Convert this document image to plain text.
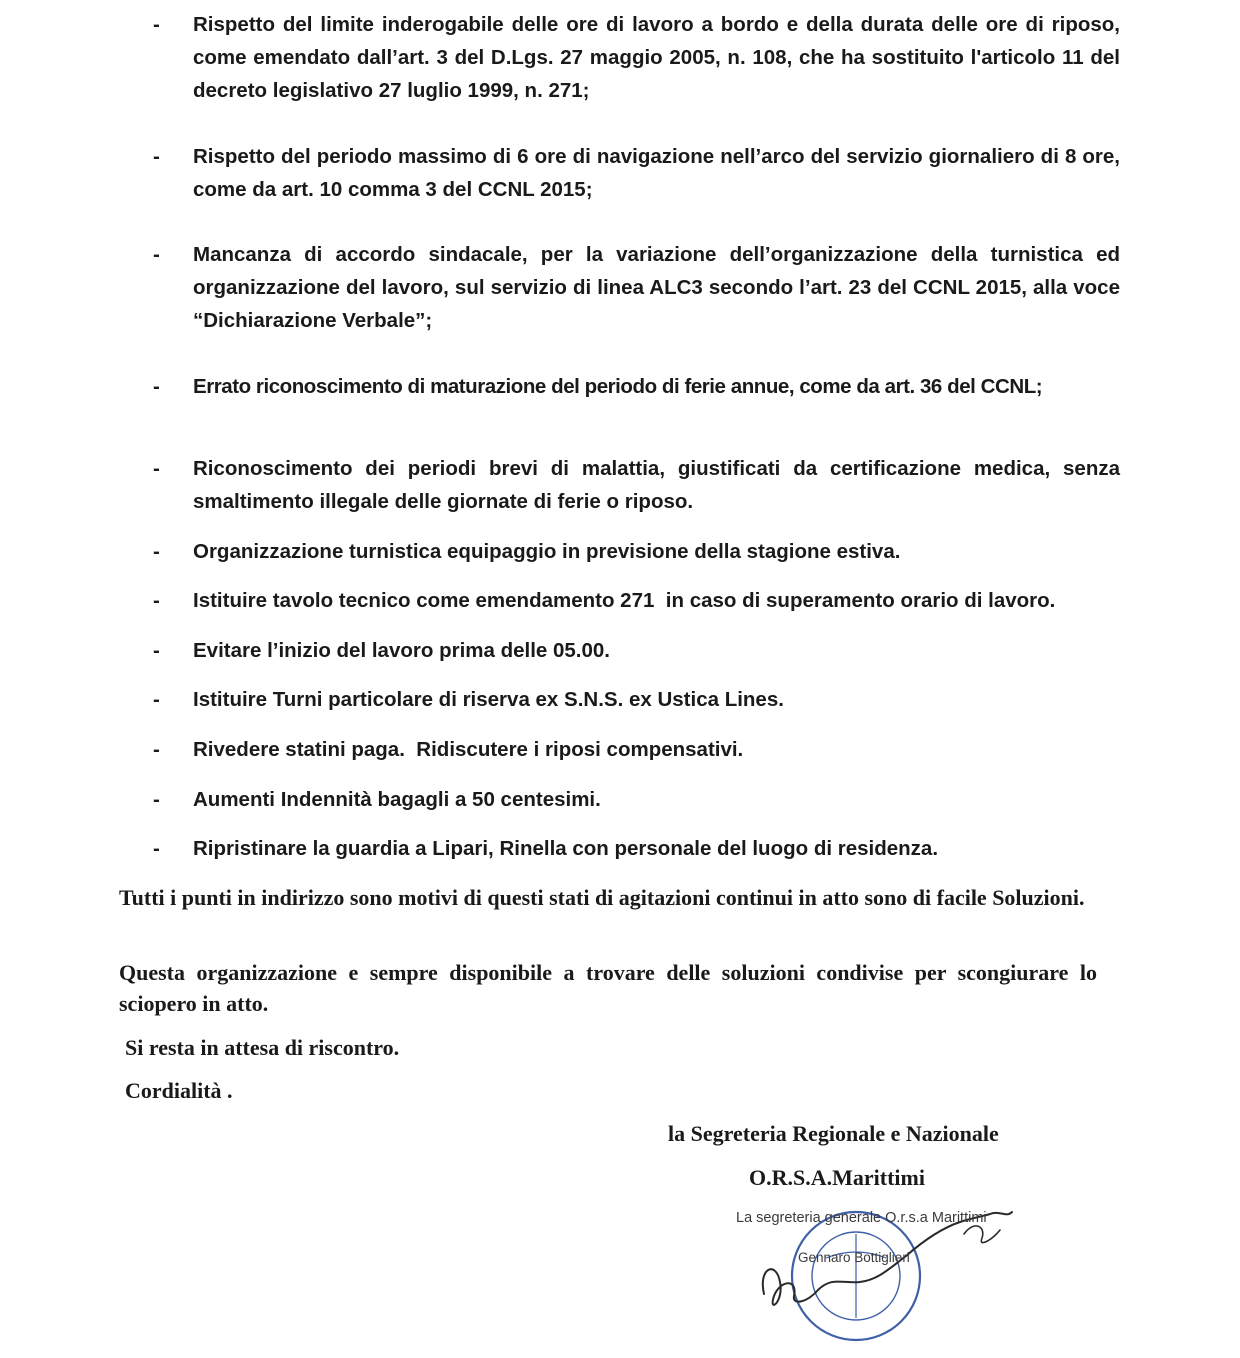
-	Rispetto del limite inderogabile delle ore di lavoro a bordo e della durata delle ore di riposo, come emendato dall’art. 3 del D.Lgs. 27 maggio 2005, n. 108, che ha sostituito l'articolo 11 del decreto legislativo 27 luglio 1999, n. 271;
-	Rispetto del periodo massimo di 6 ore di navigazione nell’arco del servizio giornaliero di 8 ore, come da art. 10 comma 3 del CCNL 2015;
-	Mancanza di accordo sindacale, per la variazione dell’organizzazione della turnistica ed organizzazione del lavoro, sul servizio di linea ALC3 secondo l’art. 23 del CCNL 2015, alla voce “Dichiarazione Verbale”;
-	Errato riconoscimento di maturazione del periodo di ferie annue, come da art. 36 del CCNL;
-	Riconoscimento dei periodi brevi di malattia, giustificati da certificazione medica, senza smaltimento illegale delle giornate di ferie o riposo.
-	Organizzazione turnistica equipaggio in previsione della stagione estiva.
-	Istituire tavolo tecnico come emendamento 271  in caso di superamento orario di lavoro.
-	Evitare l’inizio del lavoro prima delle 05.00.
-	Istituire Turni particolare di riserva ex S.N.S. ex Ustica Lines.
-	Rivedere statini paga.  Ridiscutere i riposi compensativi.
-	Aumenti Indennità bagagli a 50 centesimi.
-	Ripristinare la guardia a Lipari, Rinella con personale del luogo di residenza.
Tutti i punti in indirizzo sono motivi di questi stati di agitazioni continui in atto sono di facile Soluzioni.
Questa organizzazione e sempre disponibile a trovare delle soluzioni condivise per scongiurare lo sciopero in atto.
Si resta in attesa di riscontro.
Cordialità .
la Segreteria Regionale e Nazionale
O.R.S.A.Marittimi
La segreteria generale O.r.s.a Marittimi
Gennaro Bottiglieri
